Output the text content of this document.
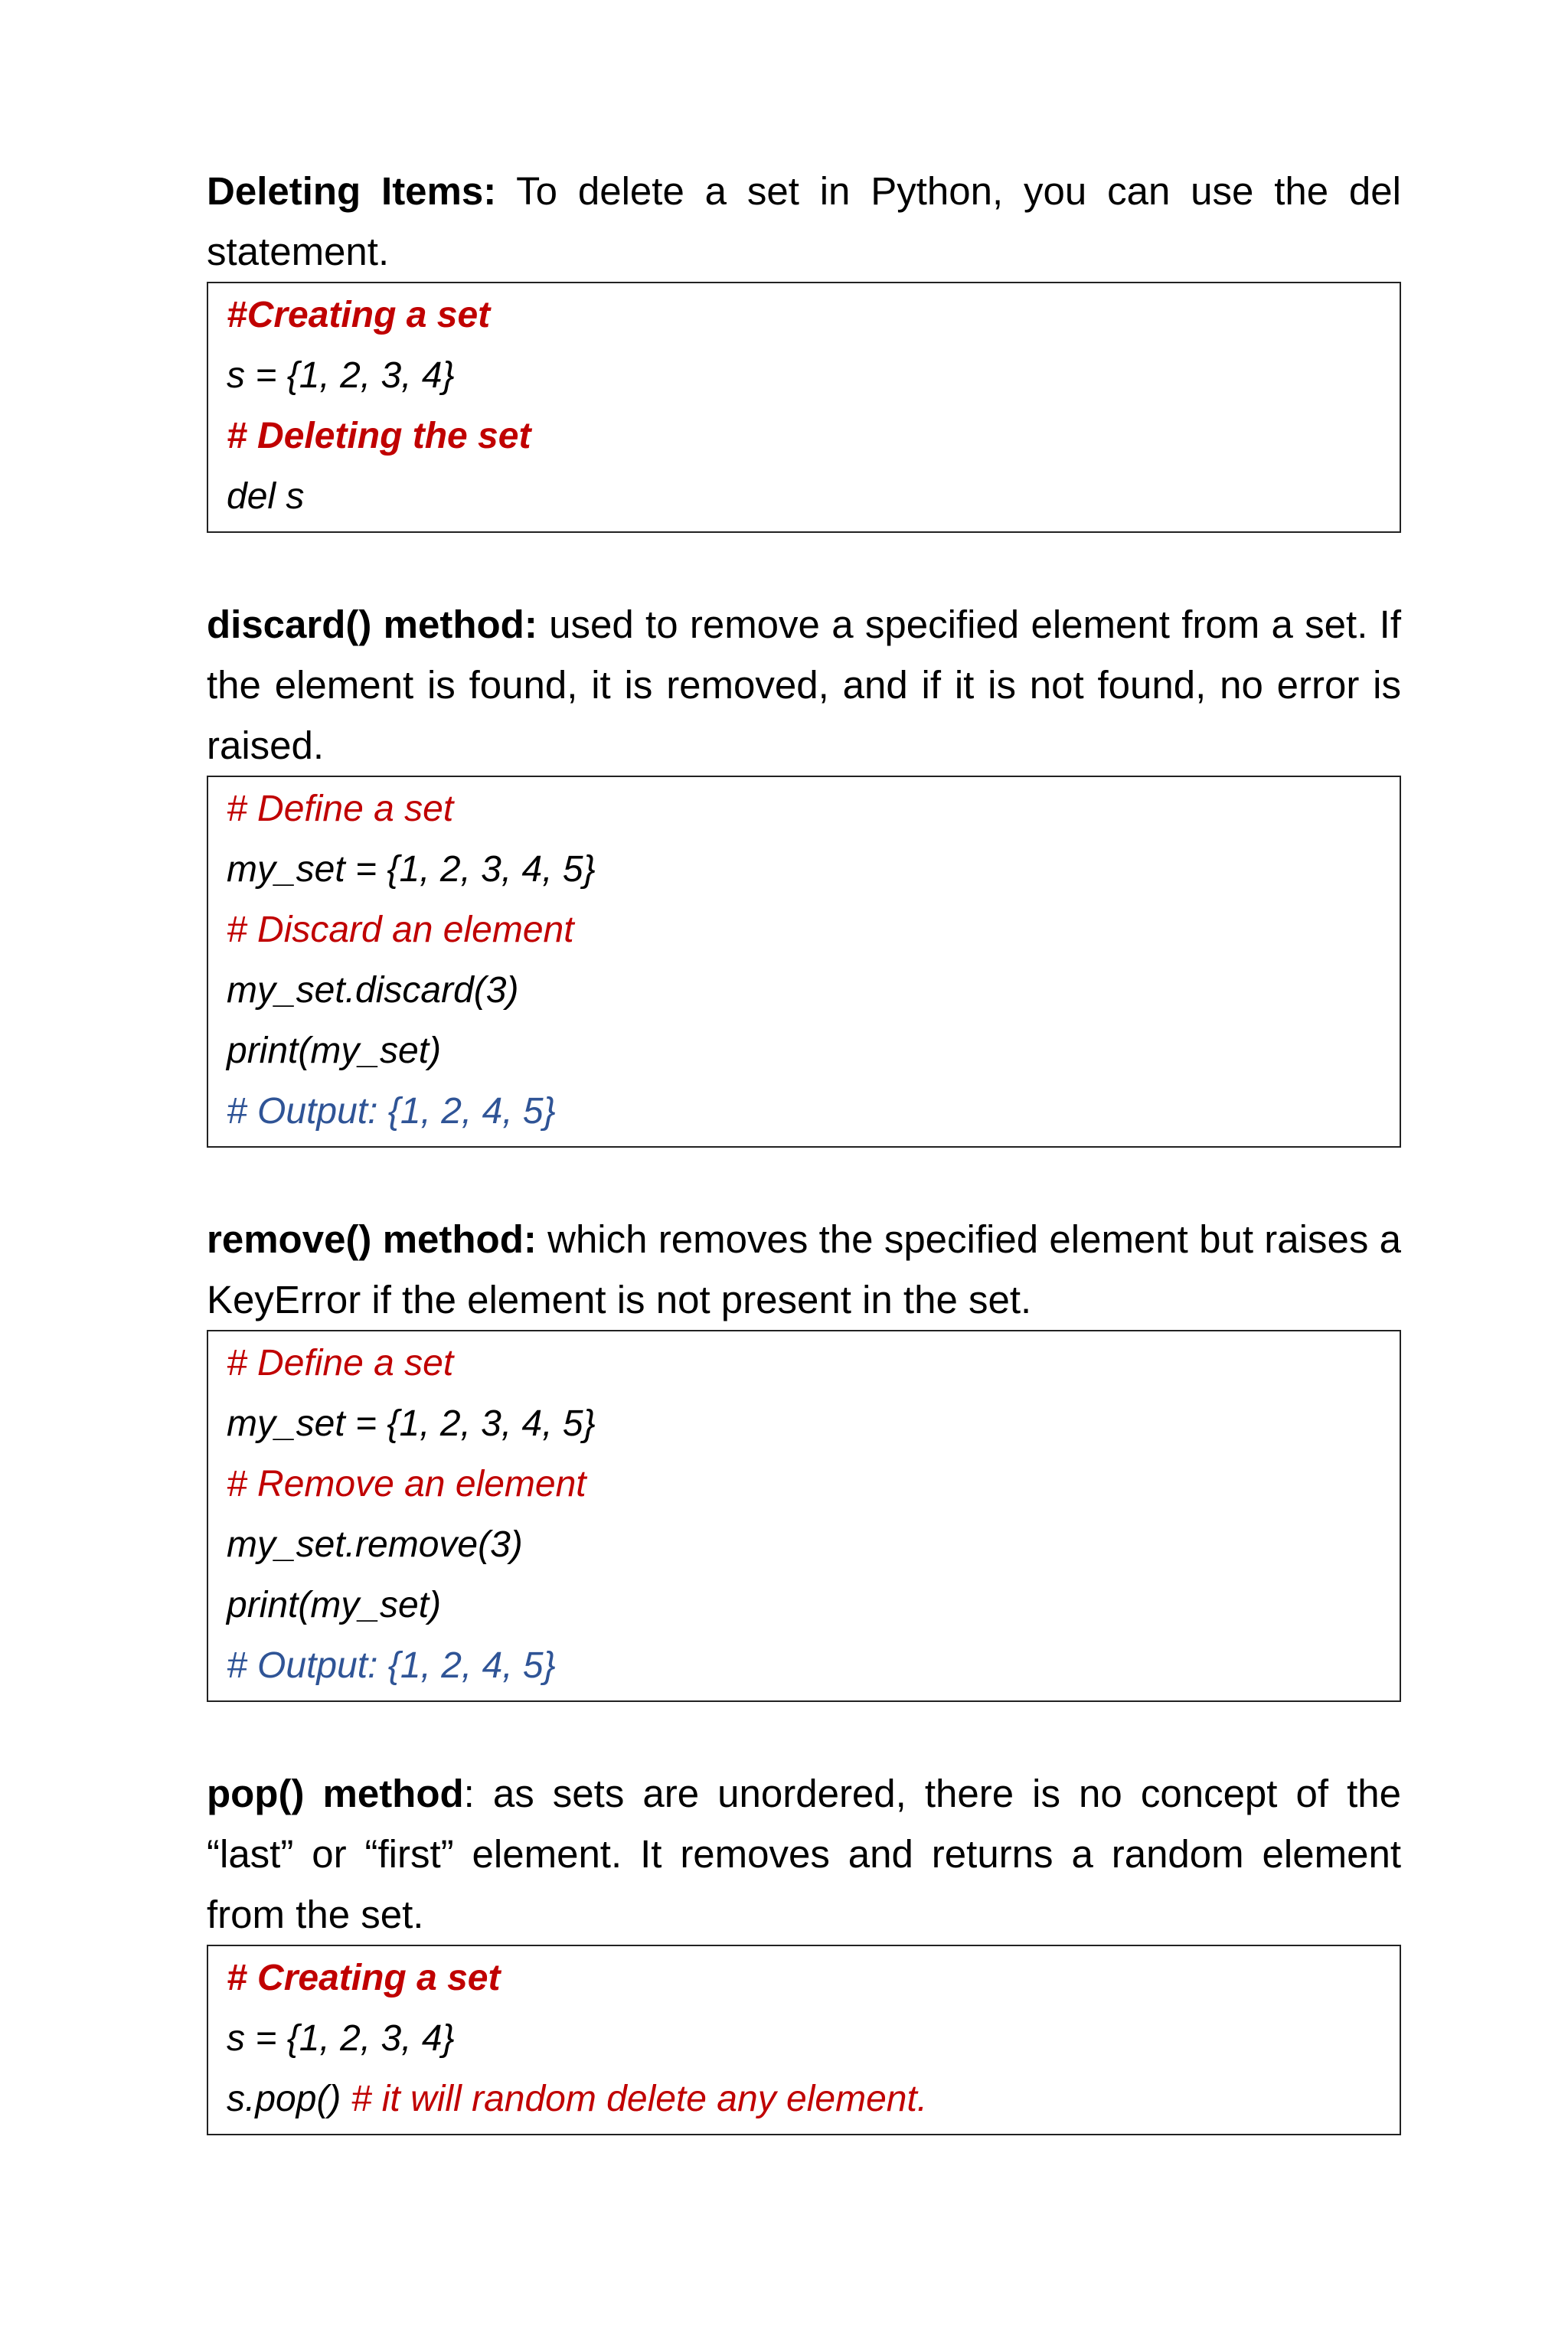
Deleting Items: To delete a set in Python, you can use the del statement.

#Creating a set
s = {1, 2, 3, 4}
# Deleting the set
del s

discard() method: used to remove a specified element from a set. If the element is found, it is removed, and if it is not found, no error is raised.

# Define a set
my_set = {1, 2, 3, 4, 5}
# Discard an element
my_set.discard(3)
print(my_set)
# Output: {1, 2, 4, 5}

remove() method: which removes the specified element but raises a KeyError if the element is not present in the set.

# Define a set
my_set = {1, 2, 3, 4, 5}
# Remove an element
my_set.remove(3)
print(my_set)
# Output: {1, 2, 4, 5}

pop() method: as sets are unordered, there is no concept of the “last” or “first” element. It removes and returns a random element from the set.

# Creating a set
s = {1, 2, 3, 4}
s.pop() # it will random delete any element.
